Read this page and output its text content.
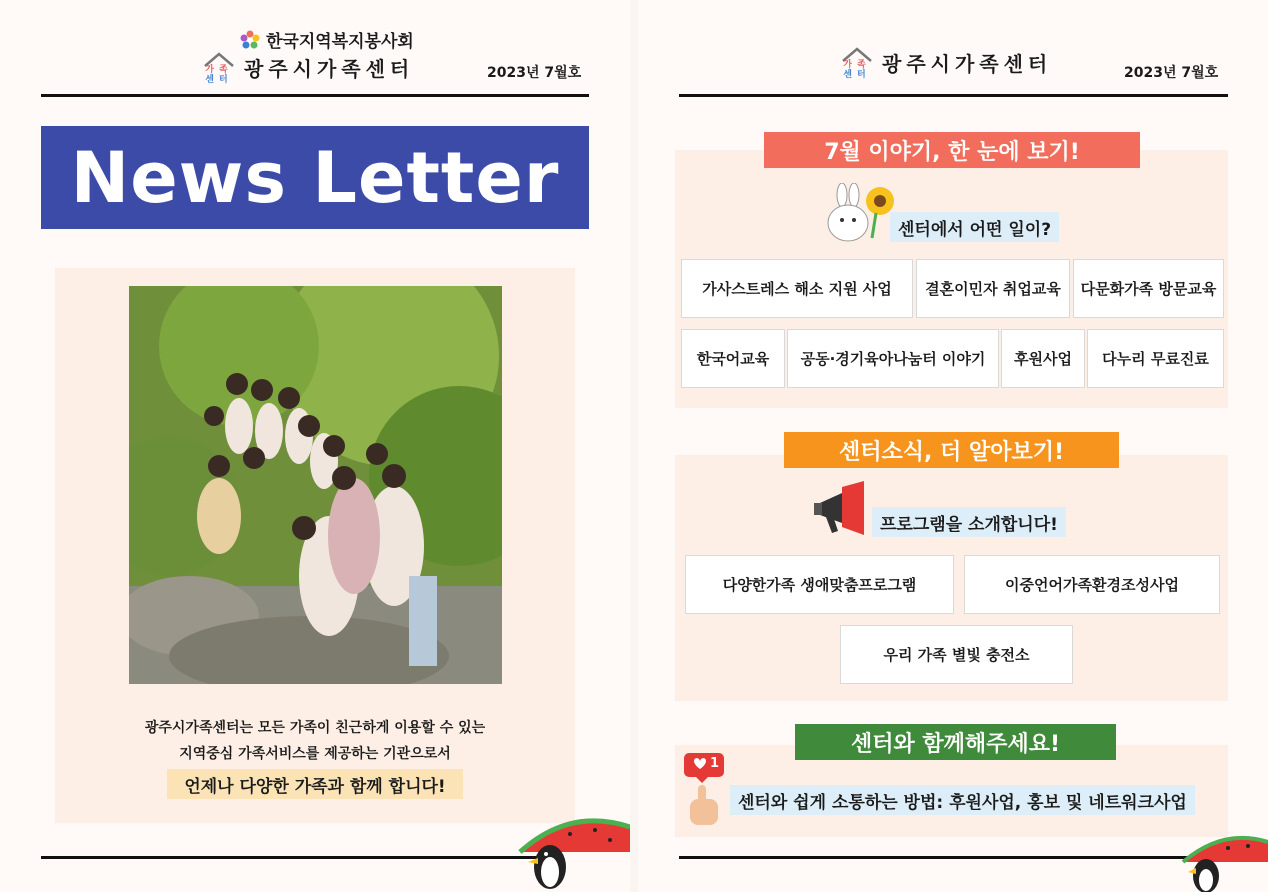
한국지역복지봉사회
가족
센터 광주시가족센터	2023년 7월호
News Letter
광주시가족센터는 모든 가족이 친근하게 이용할 수 있는
지역중심 가족서비스를 제공하는 기관으로서
언제나 다양한 가족과 함께 합니다!
가족
센터 광주시가족센터	2023년 7월호
7월 이야기, 한 눈에 보기!
센터에서 어떤 일이?
가사스트레스 해소 지원 사업	결혼이민자 취업교육	다문화가족 방문교육
한국어교육	공동·경기육아나눔터 이야기	후원사업	다누리 무료진료
센터소식, 더 알아보기!
프로그램을 소개합니다!
다양한가족 생애맞춤프로그램	이중언어가족환경조성사업
우리 가족 별빛 충전소
센터와 함께해주세요!
1
센터와 쉽게 소통하는 방법: 후원사업, 홍보 및 네트워크사업
